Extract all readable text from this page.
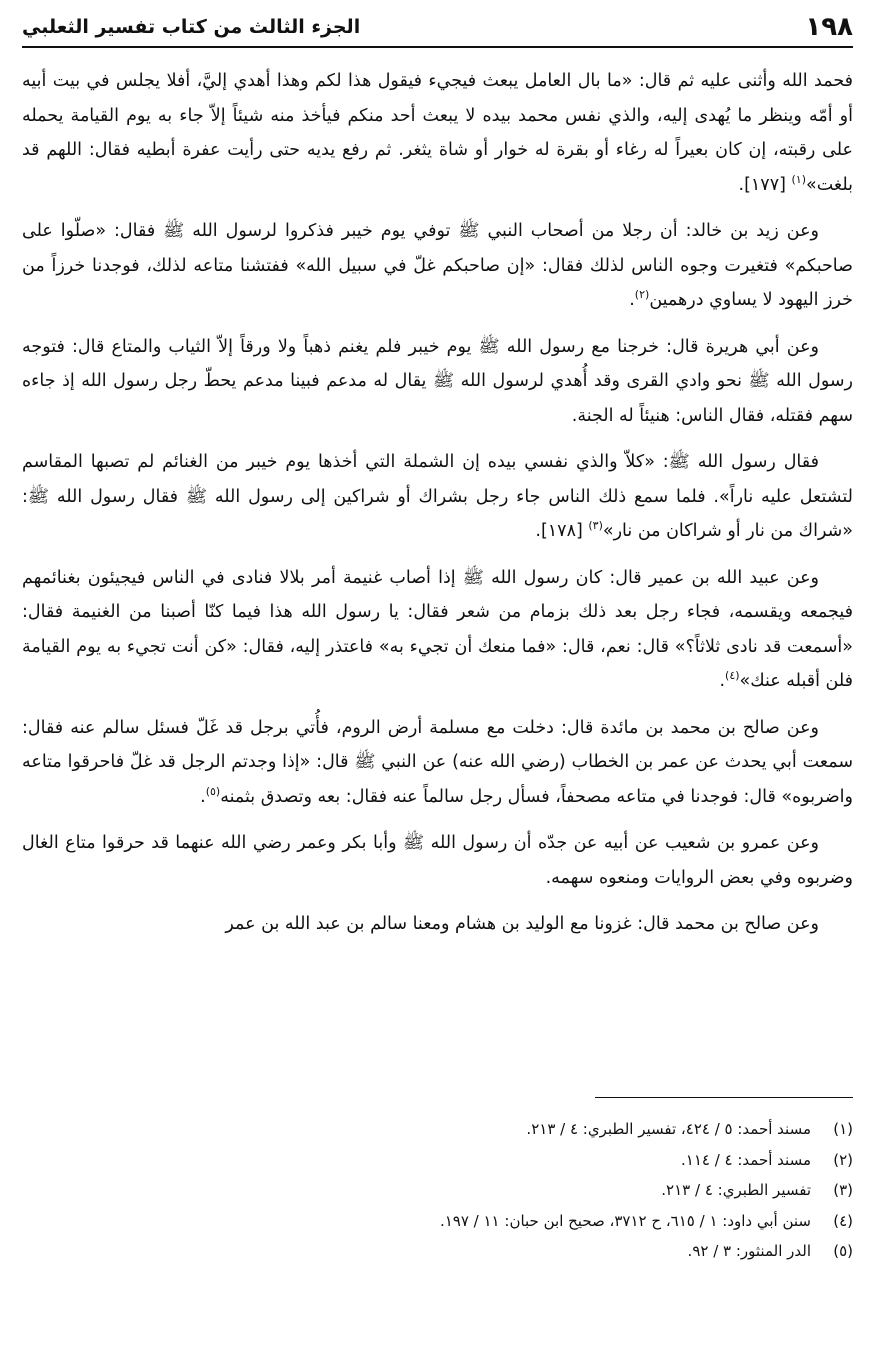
١٩٨
الجزء الثالث من كتاب تفسير الثعلبي

فحمد الله وأثنى عليه ثم قال: «ما بال العامل يبعث فيجيء فيقول هذا لكم وهذا أهدي إليَّ، أفلا يجلس في بيت أبيه أو أمّه وينظر ما يُهدى إليه، والذي نفس محمد بيده لا يبعث أحد منكم فيأخذ منه شيئاً إلاّ جاء به يوم القيامة يحمله على رقبته، إن كان بعيراً له رغاء أو بقرة له خوار أو شاة يثغر. ثم رفع يديه حتى رأيت عفرة أبطيه فقال: اللهم قد بلغت»$^{(١)}$ [١٧٧].

وعن زيد بن خالد: أن رجلا من أصحاب النبي ﷺ توفي يوم خيبر فذكروا لرسول الله ﷺ فقال: «صلّوا على صاحبكم» فتغيرت وجوه الناس لذلك فقال: «إن صاحبكم غلّ في سبيل الله» ففتشنا متاعه لذلك، فوجدنا خرزاً من خرز اليهود لا يساوي درهمين$^{(٢)}$.

وعن أبي هريرة قال: خرجنا مع رسول الله ﷺ يوم خيبر فلم يغنم ذهباً ولا ورقاً إلاّ الثياب والمتاع قال: فتوجه رسول الله ﷺ نحو وادي القرى وقد أُهدي لرسول الله ﷺ يقال له مدعم فبينا مدعم يحطّ رجل رسول الله إذ جاءه سهم فقتله، فقال الناس: هنيئاً له الجنة.

فقال رسول الله ﷺ: «كلاّ والذي نفسي بيده إن الشملة التي أخذها يوم خيبر من الغنائم لم تصبها المقاسم لتشتعل عليه ناراً». فلما سمع ذلك الناس جاء رجل بشراك أو شراكين إلى رسول الله ﷺ فقال رسول الله ﷺ: «شراك من نار أو شراكان من نار»$^{(٣)}$ [١٧٨].

وعن عبيد الله بن عمير قال: كان رسول الله ﷺ إذا أصاب غنيمة أمر بلالا فنادى في الناس فيجيئون بغنائمهم فيجمعه ويقسمه، فجاء رجل بعد ذلك بزمام من شعر فقال: يا رسول الله هذا فيما كنّا أصبنا من الغنيمة فقال: «أسمعت قد نادى ثلاثاً؟» قال: نعم، قال: «فما منعك أن تجيء به» فاعتذر إليه، فقال: «كن أنت تجيء به يوم القيامة فلن أقبله عنك»$^{(٤)}$.

وعن صالح بن محمد بن مائدة قال: دخلت مع مسلمة أرض الروم، فأُتي برجل قد غَلّ فسئل سالم عنه فقال: سمعت أبي يحدث عن عمر بن الخطاب (رضي الله عنه) عن النبي ﷺ قال: «إذا وجدتم الرجل قد غلّ فاحرقوا متاعه واضربوه» قال: فوجدنا في متاعه مصحفاً، فسأل رجل سالماً عنه فقال: بعه وتصدق بثمنه$^{(٥)}$.

وعن عمرو بن شعيب عن أبيه عن جدّه أن رسول الله ﷺ وأبا بكر وعمر رضي الله عنهما قد حرقوا متاع الغال وضربوه وفي بعض الروايات ومنعوه سهمه.

وعن صالح بن محمد قال: غزونا مع الوليد بن هشام ومعنا سالم بن عبد الله بن عمر

(١)
مسند أحمد: ٥ / ٤٢٤، تفسير الطبري: ٤ / ٢١٣.
(٢)
مسند أحمد: ٤ / ١١٤.
(٣)
تفسير الطبري: ٤ / ٢١٣.
(٤)
سنن أبي داود: ١ / ٦١٥، ح ٣٧١٢، صحيح ابن حبان: ١١ / ١٩٧.
(٥)
الدر المنثور: ٣ / ٩٢.
